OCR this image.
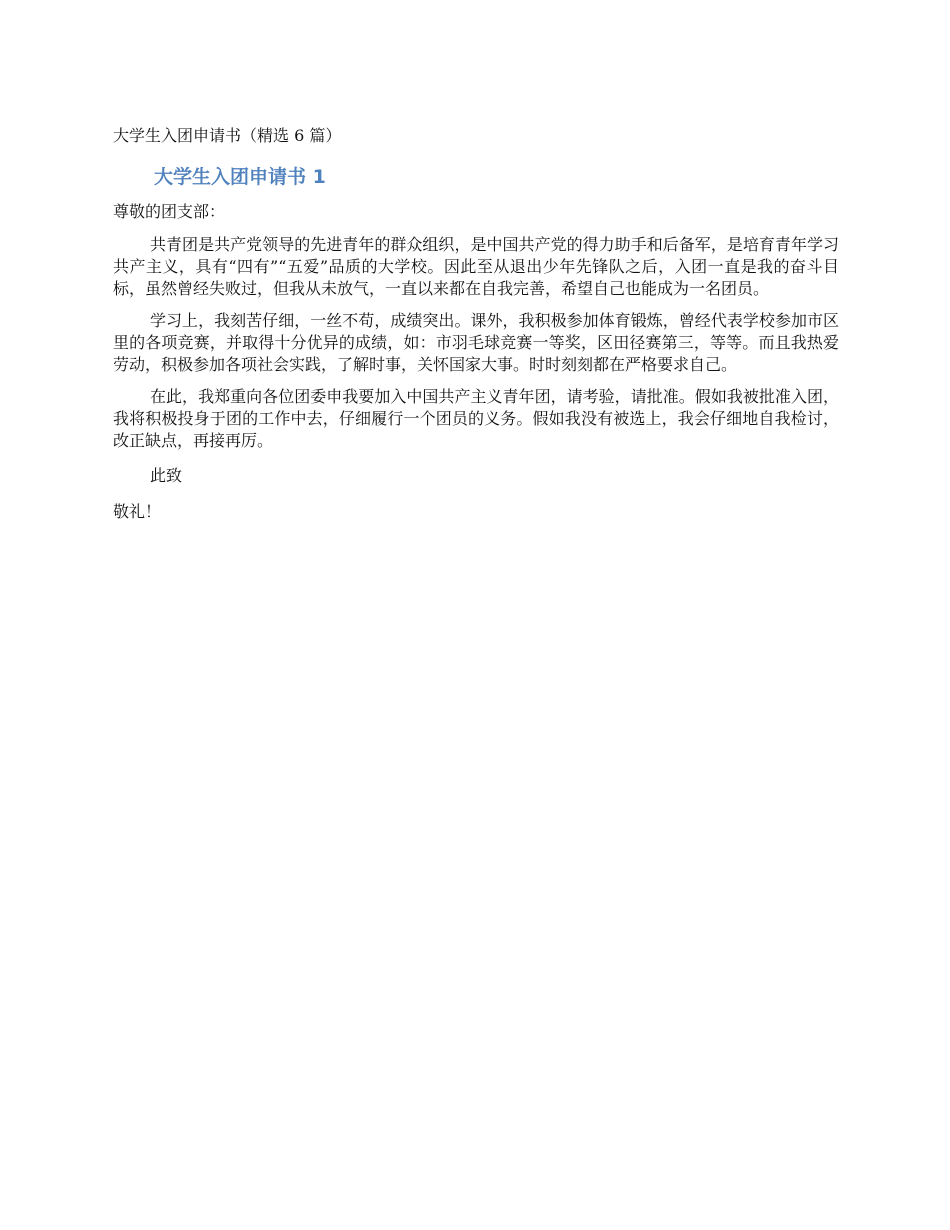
大学生入团申请书（精选 6 篇）

大学生入团申请书 1

尊敬的团支部：

共青团是共产党领导的先进青年的群众组织，是中国共产党的得力助手和后备军，是培育青年学习共产主义，具有“四有”“五爱”品质的大学校。因此至从退出少年先锋队之后，入团一直是我的奋斗目标，虽然曾经失败过，但我从未放气，一直以来都在自我完善，希望自己也能成为一名团员。

学习上，我刻苦仔细，一丝不苟，成绩突出。课外，我积极参加体育锻炼，曾经代表学校参加市区里的各项竞赛，并取得十分优异的成绩，如：市羽毛球竞赛一等奖，区田径赛第三，等等。而且我热爱劳动，积极参加各项社会实践，了解时事，关怀国家大事。时时刻刻都在严格要求自己。

在此，我郑重向各位团委申我要加入中国共产主义青年团，请考验，请批准。假如我被批准入团，我将积极投身于团的工作中去，仔细履行一个团员的义务。假如我没有被选上，我会仔细地自我检讨，改正缺点，再接再厉。

此致

敬礼！
